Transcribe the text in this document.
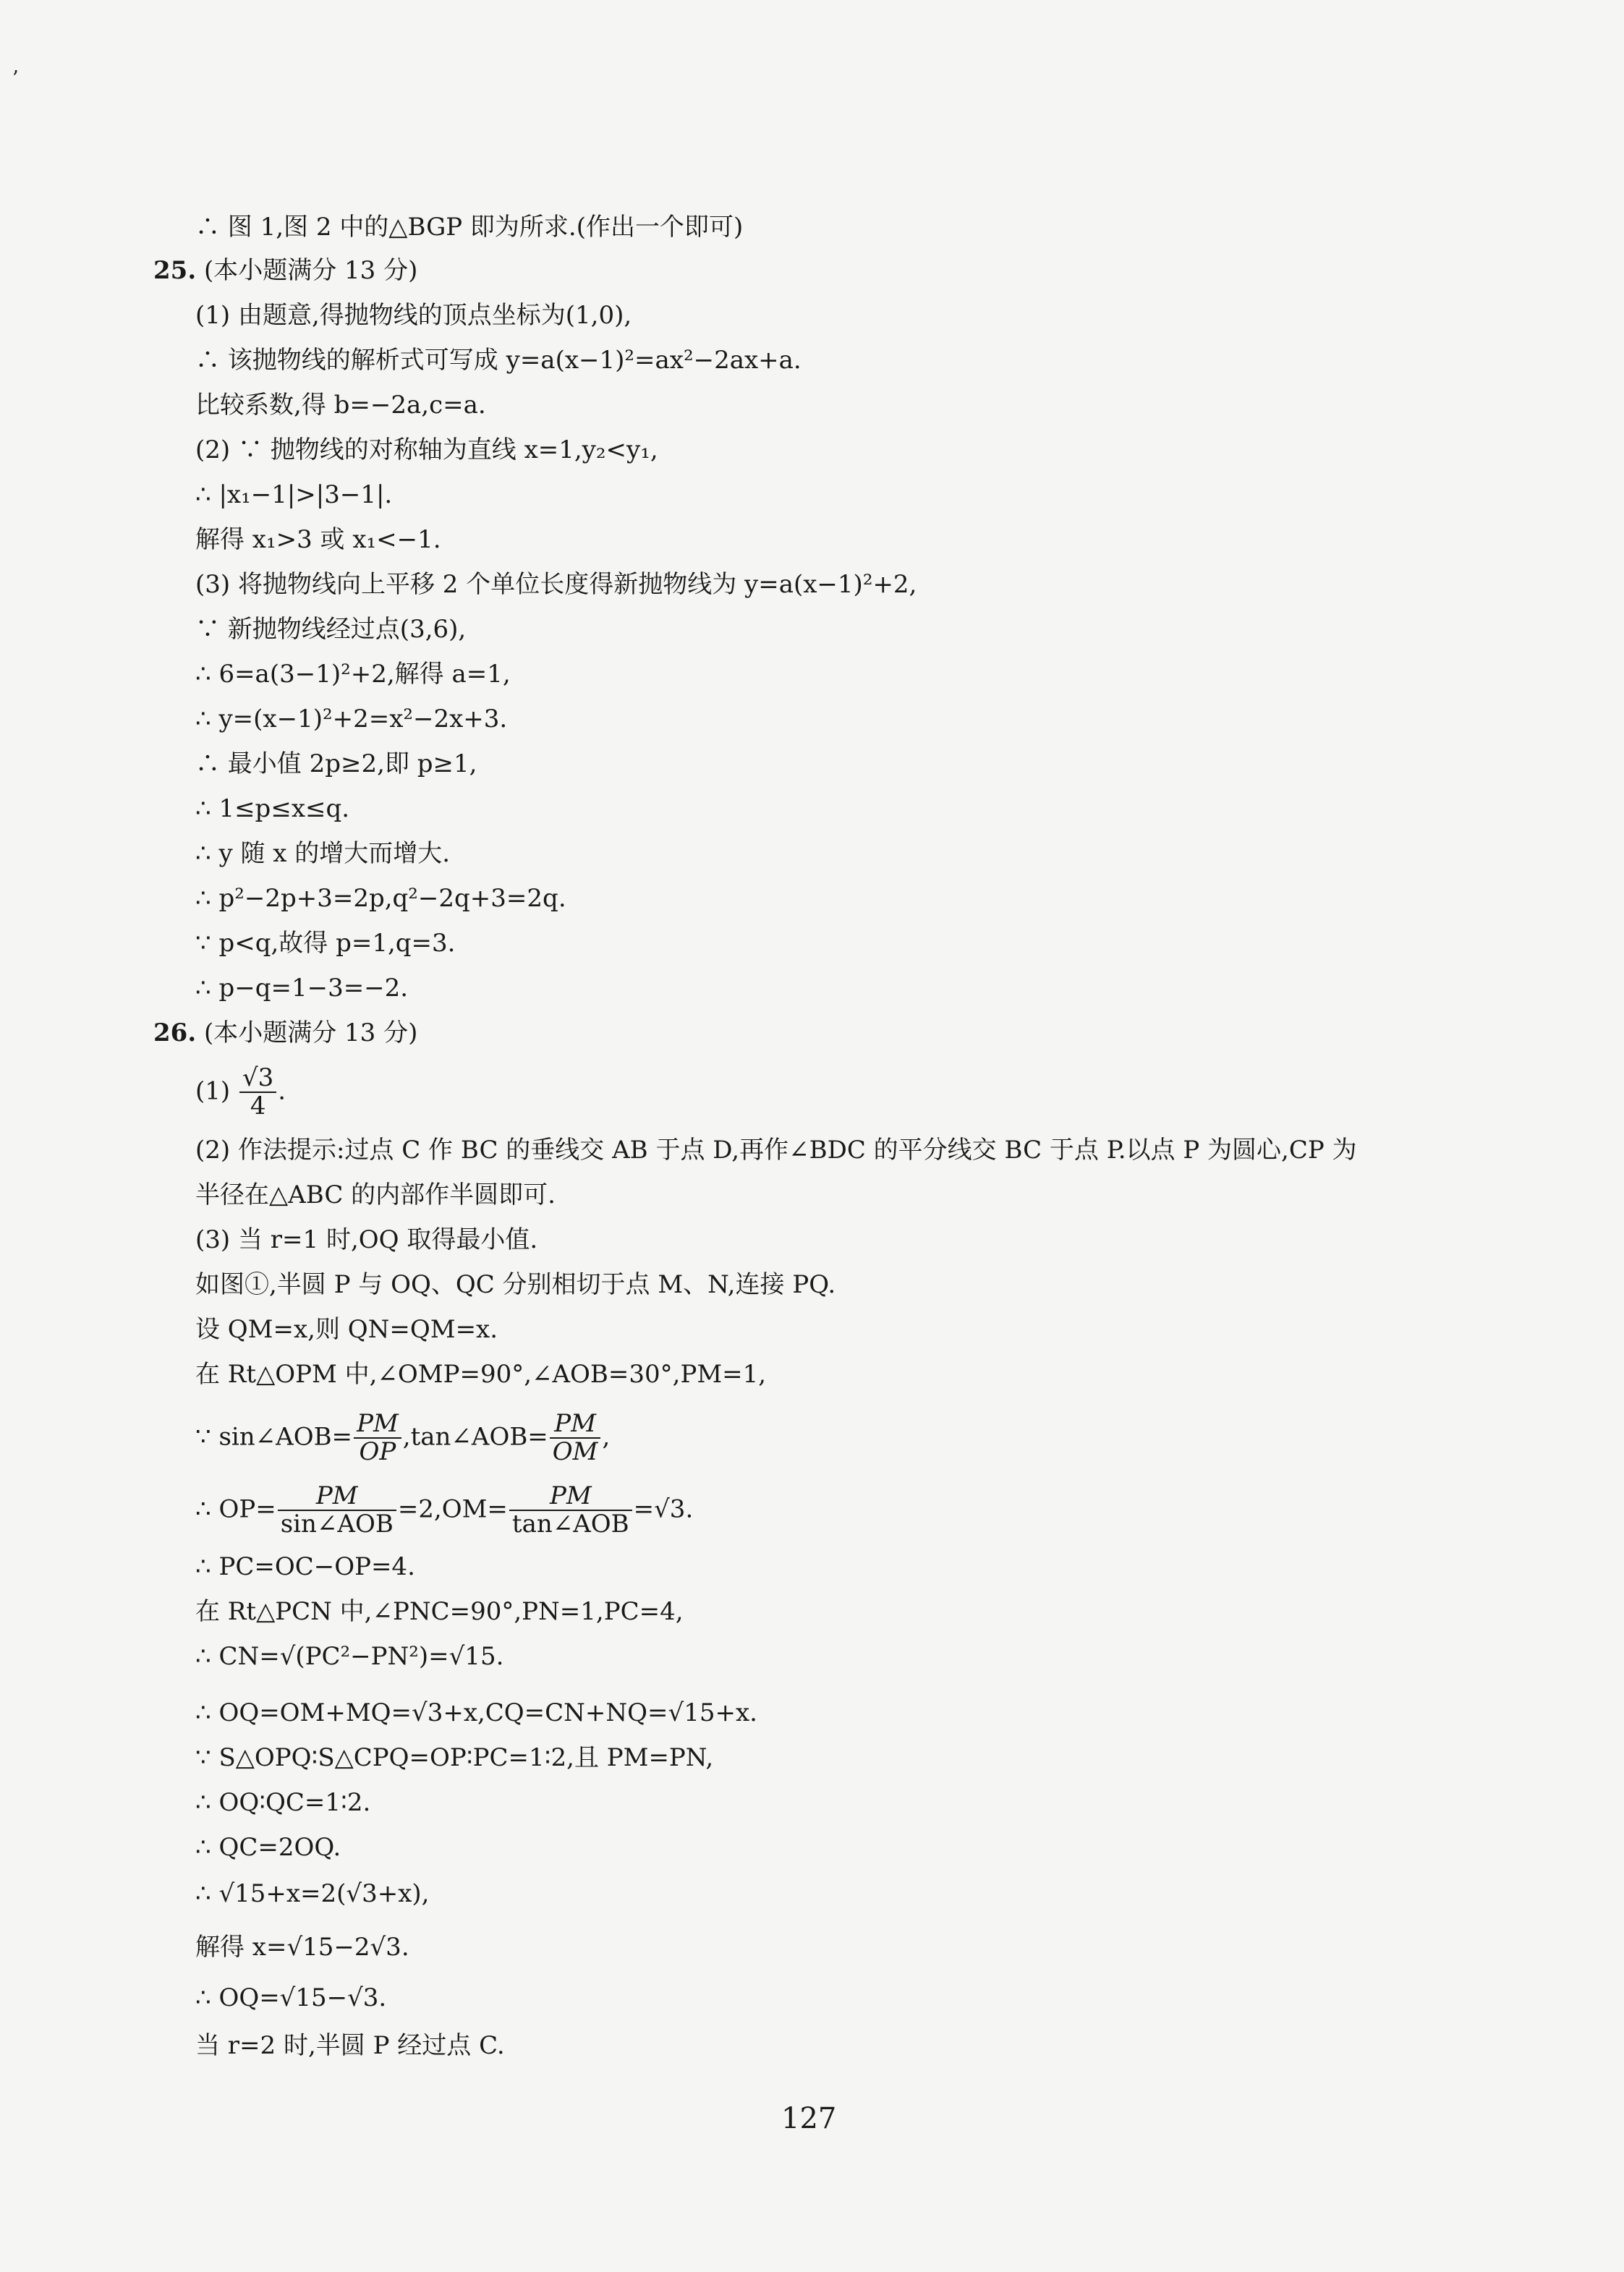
ʼ
∴ 图 1,图 2 中的△BGP 即为所求.(作出一个即可)
25. (本小题满分 13 分)
(1) 由题意,得抛物线的顶点坐标为(1,0),
∴ 该抛物线的解析式可写成 y=a(x−1)²=ax²−2ax+a.
比较系数,得 b=−2a,c=a.
(2) ∵ 抛物线的对称轴为直线 x=1,y₂<y₁,
∴ |x₁−1|>|3−1|.
解得 x₁>3 或 x₁<−1.
(3) 将抛物线向上平移 2 个单位长度得新抛物线为 y=a(x−1)²+2,
∵ 新抛物线经过点(3,6),
∴ 6=a(3−1)²+2,解得 a=1,
∴ y=(x−1)²+2=x²−2x+3.
∴ 最小值 2p≥2,即 p≥1,
∴ 1≤p≤x≤q.
∴ y 随 x 的增大而增大.
∴ p²−2p+3=2p,q²−2q+3=2q.
∵ p<q,故得 p=1,q=3.
∴ p−q=1−3=−2.
26. (本小题满分 13 分)
$(1) \frac{√3}{4}$ .
(2) 作法提示:过点 C 作 BC 的垂线交 AB 于点 D,再作∠BDC 的平分线交 BC 于点 P.以点 P 为圆心,CP 为
半径在△ABC 的内部作半圆即可.
(3) 当 r=1 时,OQ 取得最小值.
如图①,半圆 P 与 OQ、QC 分别相切于点 M、N,连接 PQ.
设 QM=x,则 QN=QM=x.
在 Rt△OPM 中,∠OMP=90°,∠AOB=30°,PM=1,
∵ sin∠AOB= $\frac{PM}{OP}$ ,tan∠AOB= $\frac{PM}{OM}$ ,
∴ $OP= \frac{PM}{\text{sin∠AOB}} =2,OM= \frac{PM}{\text{tan∠AOB}} =√3$.
∴ PC=OC−OP=4.
在 Rt△PCN 中,∠PNC=90°,PN=1,PC=4,
∴ CN=√(PC²−PN²)=√15.
∴ OQ=OM+MQ=√3+x,CQ=CN+NQ=√15+x.
∵ S△OPQ∶S△CPQ=OP∶PC=1∶2,且 PM=PN,
∴ OQ∶QC=1∶2.
∴ QC=2OQ.
∴ √15+x=2(√3+x),
解得 x=√15−2√3.
∴ OQ=√15−√3.
当 r=2 时,半圆 P 经过点 C.
127
